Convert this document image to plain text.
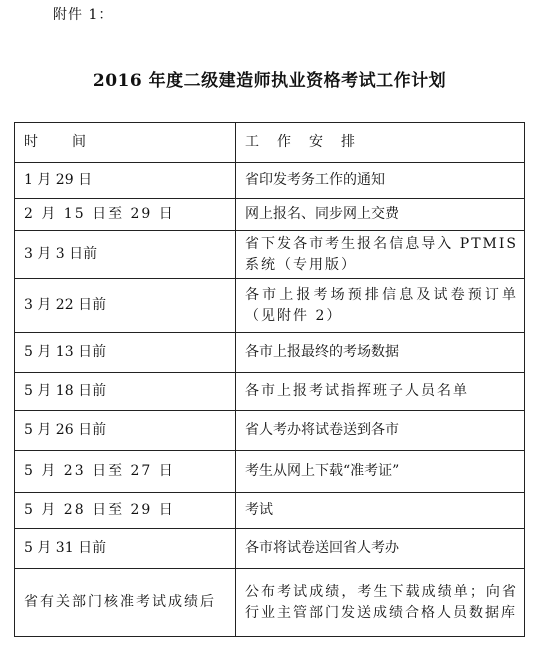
附件 1：
2016 年度二级建造师执业资格考试工作计划
时　　间	工　作　安　排
1 月 29 日	省印发考务工作的通知
2 月 15 日至 29 日	网上报名、同步网上交费
3 月 3 日前	省下发各市考生报名信息导入 PTMIS 系统（专用版）
3 月 22 日前	各市上报考场预排信息及试卷预订单（见附件 2）
5 月 13 日前	各市上报最终的考场数据
5 月 18 日前	各市上报考试指挥班子人员名单
5 月 26 日前	省人考办将试卷送到各市
5 月 23 日至 27 日	考生从网上下载“准考证”
5 月 28 日至 29 日	考试
5 月 31 日前	各市将试卷送回省人考办
省有关部门核准考试成绩后	公布考试成绩，考生下载成绩单；向省行业主管部门发送成绩合格人员数据库
